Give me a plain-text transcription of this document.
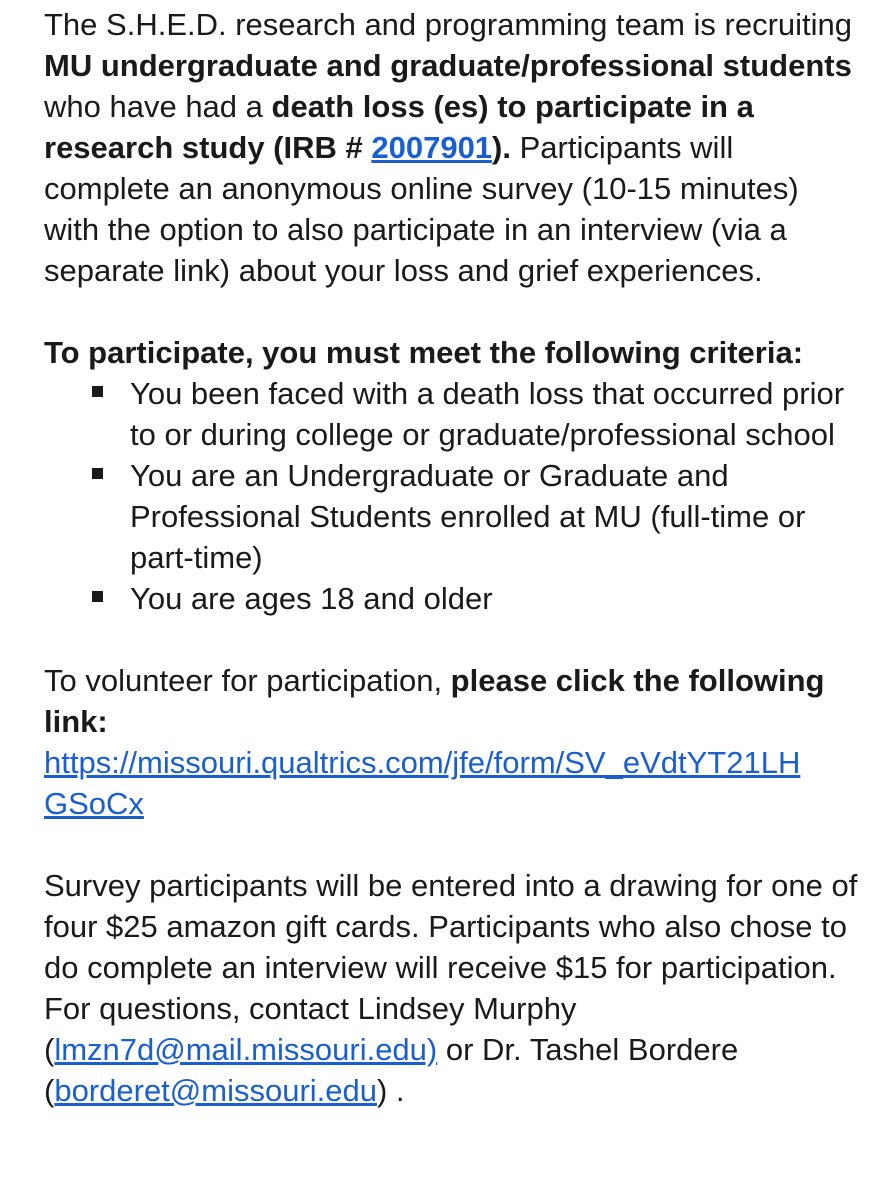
The S.H.E.D. research and programming team is recruiting MU undergraduate and graduate/professional students who have had a death loss (es) to participate in a research study (IRB # 2007901). Participants will complete an anonymous online survey (10-15 minutes) with the option to also participate in an interview (via a separate link) about your loss and grief experiences.

To participate, you must meet the following criteria:

You been faced with a death loss that occurred prior to or during college or graduate/professional school
You are an Undergraduate or Graduate and Professional Students enrolled at MU (full-time or part-time)
You are ages 18 and older

To volunteer for participation, please click the following link:
https://missouri.qualtrics.com/jfe/form/SV_eVdtYT21LH
GSoCx

Survey participants will be entered into a drawing for one of four $25 amazon gift cards. Participants who also chose to do complete an interview will receive $15 for participation. For questions, contact Lindsey Murphy (lmzn7d@mail.missouri.edu) or Dr. Tashel Bordere (borderet@missouri.edu) .
